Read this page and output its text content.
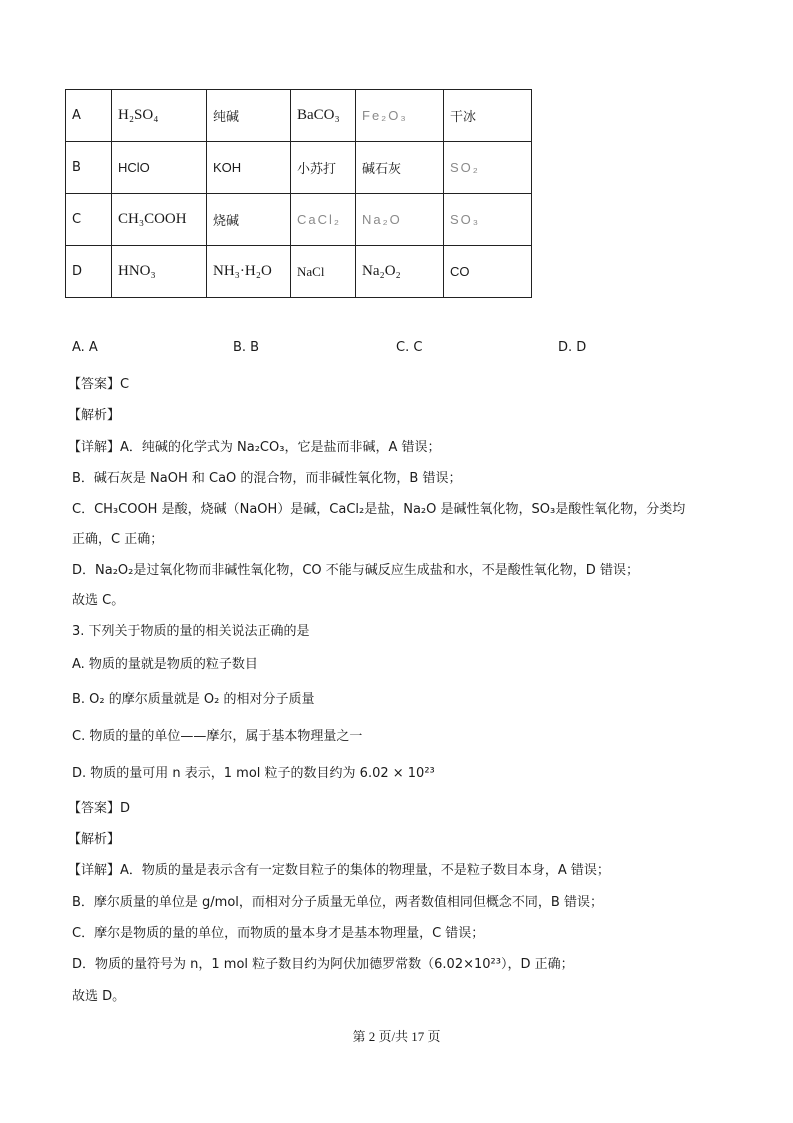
A	H₂SO₄	纯碱	BaCO₃	Fe₂O₃	干冰
B	HClO	KOH	小苏打	碱石灰	SO₂
C	CH₃COOH	烧碱	CaCl₂	Na₂O	SO₃
D	HNO₃	NH₃·H₂O	NaCl	Na₂O₂	CO
A. A	B. B	C. C	D. D
【答案】C
【解析】
【详解】A．纯碱的化学式为 Na₂CO₃，它是盐而非碱，A 错误；
B．碱石灰是 NaOH 和 CaO 的混合物，而非碱性氧化物，B 错误；
C．CH₃COOH 是酸，烧碱（NaOH）是碱，CaCl₂是盐，Na₂O 是碱性氧化物，SO₃是酸性氧化物，分类均
正确，C 正确；
D．Na₂O₂是过氧化物而非碱性氧化物，CO 不能与碱反应生成盐和水，不是酸性氧化物，D 错误；
故选 C。
3. 下列关于物质的量的相关说法正确的是
A. 物质的量就是物质的粒子数目
B. O₂ 的摩尔质量就是 O₂ 的相对分子质量
C. 物质的量的单位——摩尔，属于基本物理量之一
D. 物质的量可用 n 表示，1 mol 粒子的数目约为 6.02 × 10²³
【答案】D
【解析】
【详解】A．物质的量是表示含有一定数目粒子的集体的物理量，不是粒子数目本身，A 错误；
B．摩尔质量的单位是 g/mol，而相对分子质量无单位，两者数值相同但概念不同，B 错误；
C．摩尔是物质的量的单位，而物质的量本身才是基本物理量，C 错误；
D．物质的量符号为 n，1 mol 粒子数目约为阿伏加德罗常数（6.02×10²³），D 正确；
故选 D。
第 2 页/共 17 页
